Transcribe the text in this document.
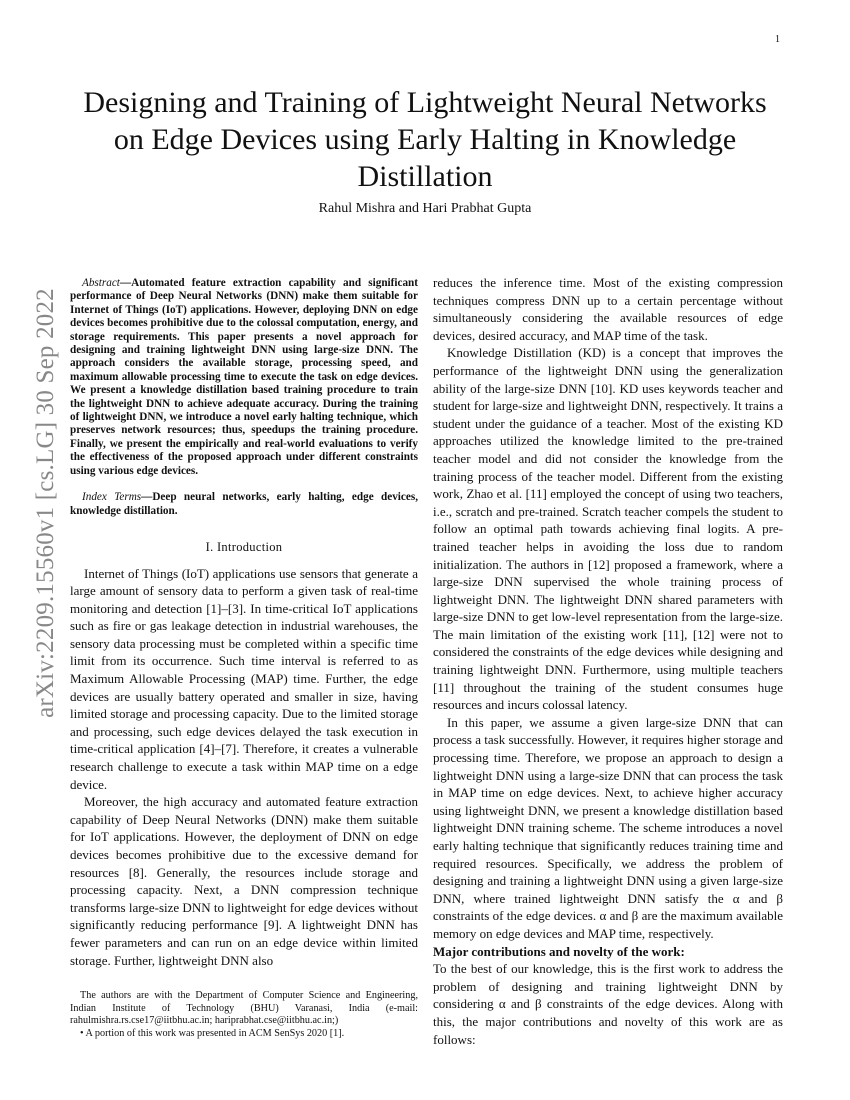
1
arXiv:2209.15560v1 [cs.LG] 30 Sep 2022
Designing and Training of Lightweight Neural Networks on Edge Devices using Early Halting in Knowledge Distillation
Rahul Mishra and Hari Prabhat Gupta

Abstract—Automated feature extraction capability and significant performance of Deep Neural Networks (DNN) make them suitable for Internet of Things (IoT) applications. However, deploying DNN on edge devices becomes prohibitive due to the colossal computation, energy, and storage requirements. This paper presents a novel approach for designing and training lightweight DNN using large-size DNN. The approach considers the available storage, processing speed, and maximum allowable processing time to execute the task on edge devices. We present a knowledge distillation based training procedure to train the lightweight DNN to achieve adequate accuracy. During the training of lightweight DNN, we introduce a novel early halting technique, which preserves network resources; thus, speedups the training procedure. Finally, we present the empirically and real-world evaluations to verify the effectiveness of the proposed approach under different constraints using various edge devices.

Index Terms—Deep neural networks, early halting, edge devices, knowledge distillation.

I. Introduction

Internet of Things (IoT) applications use sensors that generate a large amount of sensory data to perform a given task of real-time monitoring and detection [1]–[3]. In time-critical IoT applications such as fire or gas leakage detection in industrial warehouses, the sensory data processing must be completed within a specific time limit from its occurrence. Such time interval is referred to as Maximum Allowable Processing (MAP) time. Further, the edge devices are usually battery operated and smaller in size, having limited storage and processing capacity. Due to the limited storage and processing, such edge devices delayed the task execution in time-critical application [4]–[7]. Therefore, it creates a vulnerable research challenge to execute a task within MAP time on a edge device.

Moreover, the high accuracy and automated feature extraction capability of Deep Neural Networks (DNN) make them suitable for IoT applications. However, the deployment of DNN on edge devices becomes prohibitive due to the excessive demand for resources [8]. Generally, the resources include storage and processing capacity. Next, a DNN compression technique transforms large-size DNN to lightweight for edge devices without significantly reducing performance [9]. A lightweight DNN has fewer parameters and can run on an edge device within limited storage. Further, lightweight DNN also

reduces the inference time. Most of the existing compression techniques compress DNN up to a certain percentage without simultaneously considering the available resources of edge devices, desired accuracy, and MAP time of the task.

Knowledge Distillation (KD) is a concept that improves the performance of the lightweight DNN using the generalization ability of the large-size DNN [10]. KD uses keywords teacher and student for large-size and lightweight DNN, respectively. It trains a student under the guidance of a teacher. Most of the existing KD approaches utilized the knowledge limited to the pre-trained teacher model and did not consider the knowledge from the training process of the teacher model. Different from the existing work, Zhao et al. [11] employed the concept of using two teachers, i.e., scratch and pre-trained. Scratch teacher compels the student to follow an optimal path towards achieving final logits. A pre-trained teacher helps in avoiding the loss due to random initialization. The authors in [12] proposed a framework, where a large-size DNN supervised the whole training process of lightweight DNN. The lightweight DNN shared parameters with large-size DNN to get low-level representation from the large-size. The main limitation of the existing work [11], [12] were not to considered the constraints of the edge devices while designing and training lightweight DNN. Furthermore, using multiple teachers [11] throughout the training of the student consumes huge resources and incurs colossal latency.

In this paper, we assume a given large-size DNN that can process a task successfully. However, it requires higher storage and processing time. Therefore, we propose an approach to design a lightweight DNN using a large-size DNN that can process the task in MAP time on edge devices. Next, to achieve higher accuracy using lightweight DNN, we present a knowledge distillation based lightweight DNN training scheme. The scheme introduces a novel early halting technique that significantly reduces training time and required resources. Specifically, we address the problem of designing and training a lightweight DNN using a given large-size DNN, where trained lightweight DNN satisfy the α and β constraints of the edge devices. α and β are the maximum available memory on edge devices and MAP time, respectively.

Major contributions and novelty of the work:

To the best of our knowledge, this is the first work to address the problem of designing and training lightweight DNN by considering α and β constraints of the edge devices. Along with this, the major contributions and novelty of this work are as follows:

The authors are with the Department of Computer Science and Engineering, Indian Institute of Technology (BHU) Varanasi, India (e-mail: rahulmishra.rs.cse17@iitbhu.ac.in; hariprabhat.cse@iitbhu.ac.in;)

• A portion of this work was presented in ACM SenSys 2020 [1].
